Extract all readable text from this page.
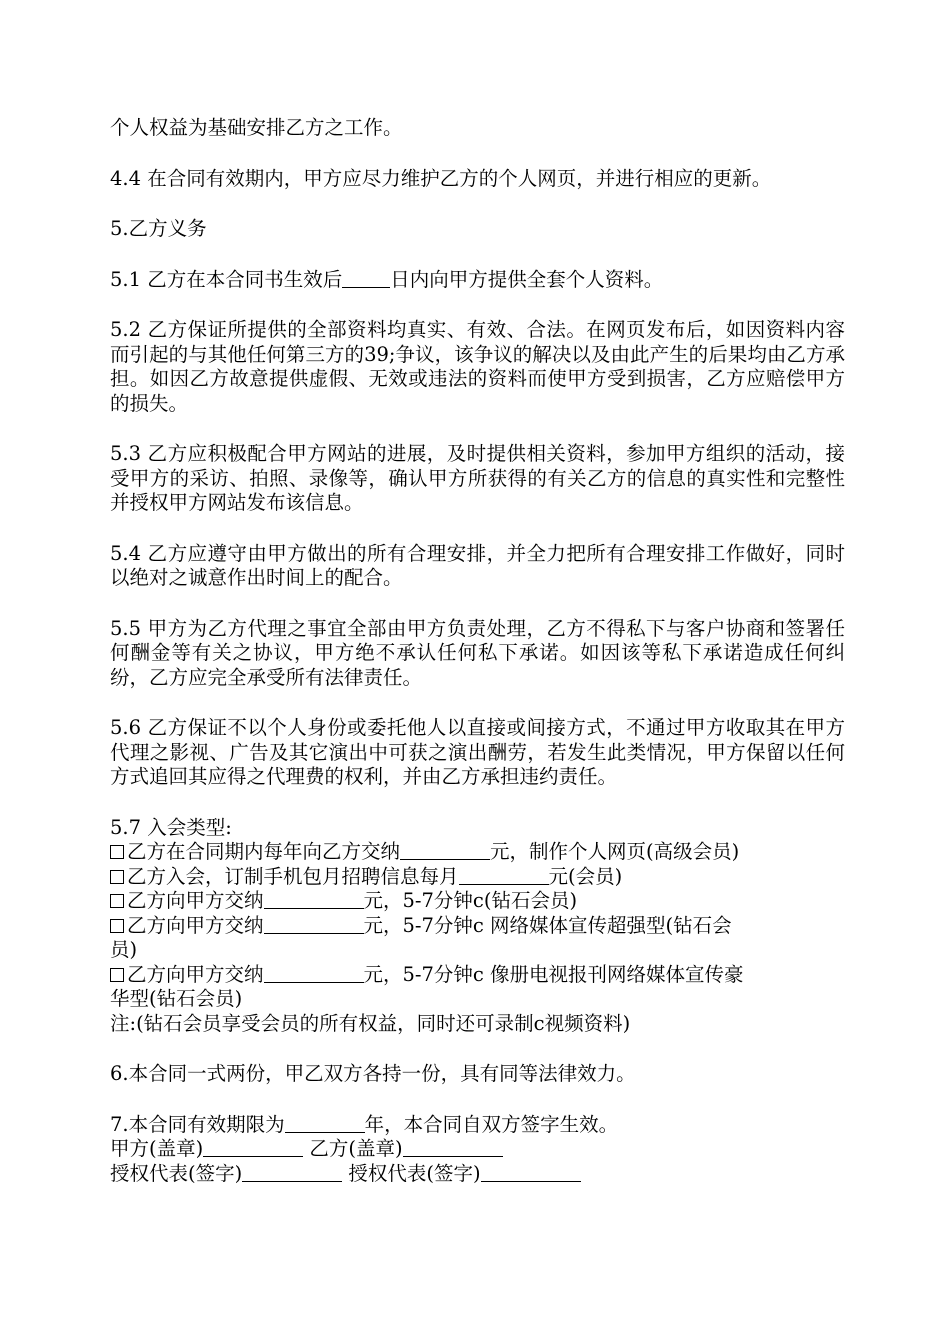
个人权益为基础安排乙方之工作。

4.4 在合同有效期内，甲方应尽力维护乙方的个人网页，并进行相应的更新。

5.乙方义务

5.1 乙方在本合同书生效后 日内向甲方提供全套个人资料。

5.2 乙方保证所提供的全部资料均真实、有效、合法。在网页发布后，如因资料内容而引起的与其他任何第三方的39;争议，该争议的解决以及由此产生的后果均由乙方承担。如因乙方故意提供虚假、无效或违法的资料而使甲方受到损害，乙方应赔偿甲方的损失。

5.3 乙方应积极配合甲方网站的进展，及时提供相关资料，参加甲方组织的活动，接受甲方的采访、拍照、录像等，确认甲方所获得的有关乙方的信息的真实性和完整性并授权甲方网站发布该信息。

5.4 乙方应遵守由甲方做出的所有合理安排，并全力把所有合理安排工作做好，同时以绝对之诚意作出时间上的配合。

5.5 甲方为乙方代理之事宜全部由甲方负责处理，乙方不得私下与客户协商和签署任何酬金等有关之协议，甲方绝不承认任何私下承诺。如因该等私下承诺造成任何纠纷，乙方应完全承受所有法律责任。

5.6 乙方保证不以个人身份或委托他人以直接或间接方式，不通过甲方收取其在甲方代理之影视、广告及其它演出中可获之演出酬劳，若发生此类情况，甲方保留以任何方式追回其应得之代理费的权利，并由乙方承担违约责任。

5.7 入会类型:
乙方在合同期内每年向乙方交纳	元，制作个人网页(高级会员)
乙方入会，订制手机包月招聘信息每月	元(会员)
乙方向甲方交纳	元，5-7分钟c(钻石会员)
乙方向甲方交纳	元，5-7分钟c 网络媒体宣传超强型(钻石会
员)
乙方向甲方交纳	元，5-7分钟c 像册电视报刊网络媒体宣传豪
华型(钻石会员)
注:(钻石会员享受会员的所有权益，同时还可录制c视频资料)

6.本合同一式两份，甲乙双方各持一份，具有同等法律效力。

7.本合同有效期限为	年，本合同自双方签字生效。
甲方(盖章)	乙方(盖章)
授权代表(签字)	授权代表(签字)
